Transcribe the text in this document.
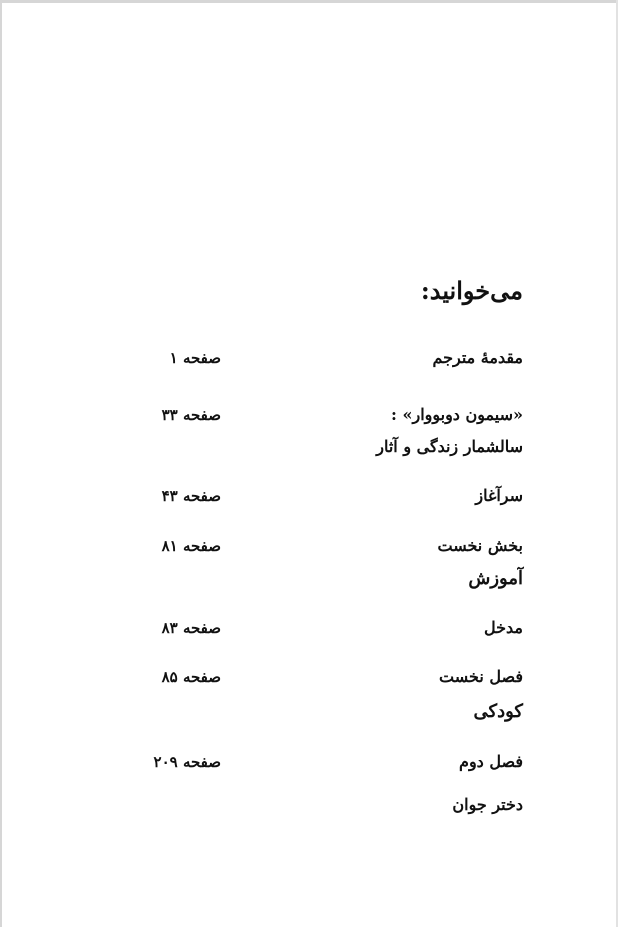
می‌خوانید:
مقدمهٔ مترجم
صفحه ۱
«سیمون دوبووار» :
سالشمار زندگی و آثار
صفحه ۳۳
سرآغاز
صفحه ۴۳
بخش نخست
آموزش
صفحه ۸۱
مدخل
صفحه ۸۳
فصل نخست
کودکی
صفحه ۸۵
فصل دوم
دختر جوان
صفحه ۲۰۹
